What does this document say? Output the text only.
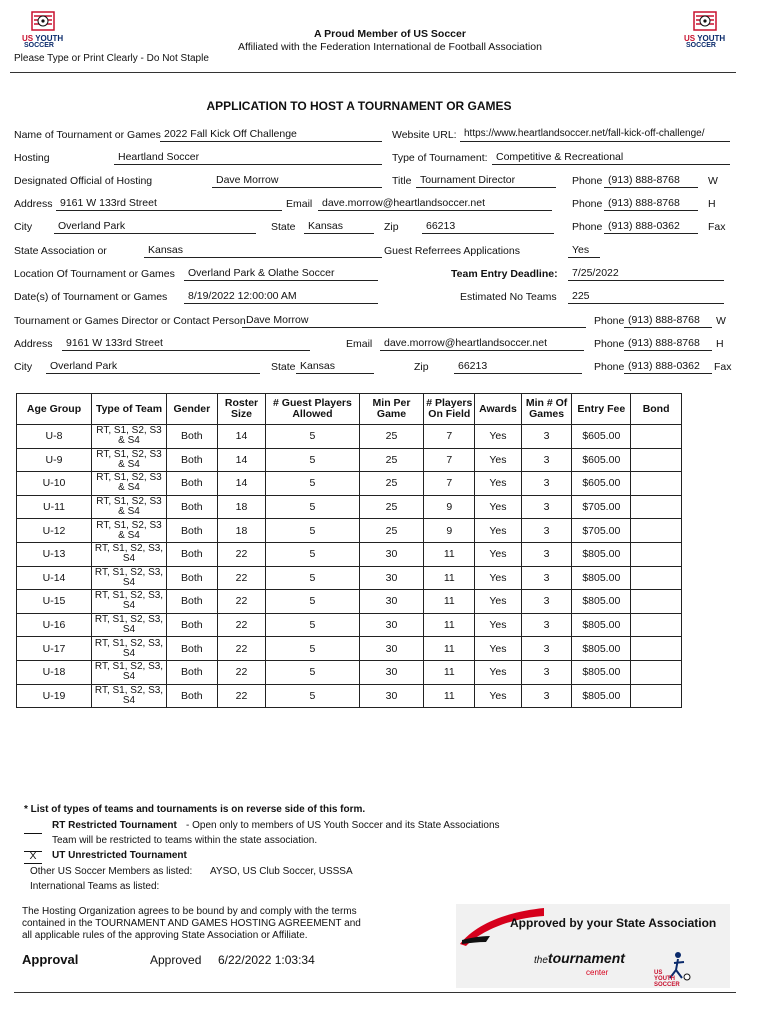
US YOUTH
SOCCER
US YOUTH
SOCCER
A Proud Member of US Soccer
Affiliated with the Federation International de Football Association
Please Type or Print Clearly - Do Not Staple
APPLICATION TO HOST A TOURNAMENT OR GAMES
Name of Tournament or Games 2022 Fall Kick Off Challenge	Website URL: https://www.heartlandsoccer.net/fall-kick-off-challenge/
Hosting	Heartland Soccer	Type of Tournament: Competitive & Recreational
Designated Official of Hosting	Dave Morrow	Title Tournament Director	Phone (913) 888-8768	W
Address 9161 W 133rd Street	Email dave.morrow@heartlandsoccer.net	Phone (913) 888-8768	H
City	Overland Park	State	Kansas	Zip	66213	Phone (913) 888-0362	Fax
State Association or	Kansas	Guest Referrees Applications	Yes
Location Of Tournament or Games	Overland Park & Olathe Soccer	Team Entry Deadline:	7/25/2022
Date(s) of Tournament or Games	8/19/2022 12:00:00 AM	Estimated No Teams	225
Tournament or Games Director or Contact Person Dave Morrow	Phone (913) 888-8768	W
Address	9161 W 133rd Street	Email	dave.morrow@heartlandsoccer.net	Phone (913) 888-8768	H
City	Overland Park	State Kansas	Zip	66213	Phone (913) 888-0362	Fax
Age Group	Type of Team	Gender	Roster Size	# Guest Players Allowed	Min Per Game	# Players On Field	Awards	Min # Of Games	Entry Fee	Bond
U-8	RT, S1, S2, S3 & S4	Both	14	5	25	7	Yes	3	$605.00	
U-9	RT, S1, S2, S3 & S4	Both	14	5	25	7	Yes	3	$605.00	
U-10	RT, S1, S2, S3 & S4	Both	14	5	25	7	Yes	3	$605.00	
U-11	RT, S1, S2, S3 & S4	Both	18	5	25	9	Yes	3	$705.00	
U-12	RT, S1, S2, S3 & S4	Both	18	5	25	9	Yes	3	$705.00	
U-13	RT, S1, S2, S3, S4	Both	22	5	30	11	Yes	3	$805.00	
U-14	RT, S1, S2, S3, S4	Both	22	5	30	11	Yes	3	$805.00	
U-15	RT, S1, S2, S3, S4	Both	22	5	30	11	Yes	3	$805.00	
U-16	RT, S1, S2, S3, S4	Both	22	5	30	11	Yes	3	$805.00	
U-17	RT, S1, S2, S3, S4	Both	22	5	30	11	Yes	3	$805.00	
U-18	RT, S1, S2, S3, S4	Both	22	5	30	11	Yes	3	$805.00	
U-19	RT, S1, S2, S3, S4	Both	22	5	30	11	Yes	3	$805.00	
* List of types of teams and tournaments is on reverse side of this form.
RT Restricted Tournament - Open only to members of US Youth Soccer and its State Associations
Team will be restricted to teams within the state association.
X	UT Unrestricted Tournament
Other US Soccer Members as listed: AYSO, US Club Soccer, USSSA
International Teams as listed:
The Hosting Organization agrees to be bound by and comply with the terms
contained in the TOURNAMENT AND GAMES HOSTING AGREEMENT and
all applicable rules of the approving State Association or Affiliate.
Approval	Approved 6/22/2022 1:03:34
Approved by your State Association
thetournament
center	US YOUTH SOCCER
